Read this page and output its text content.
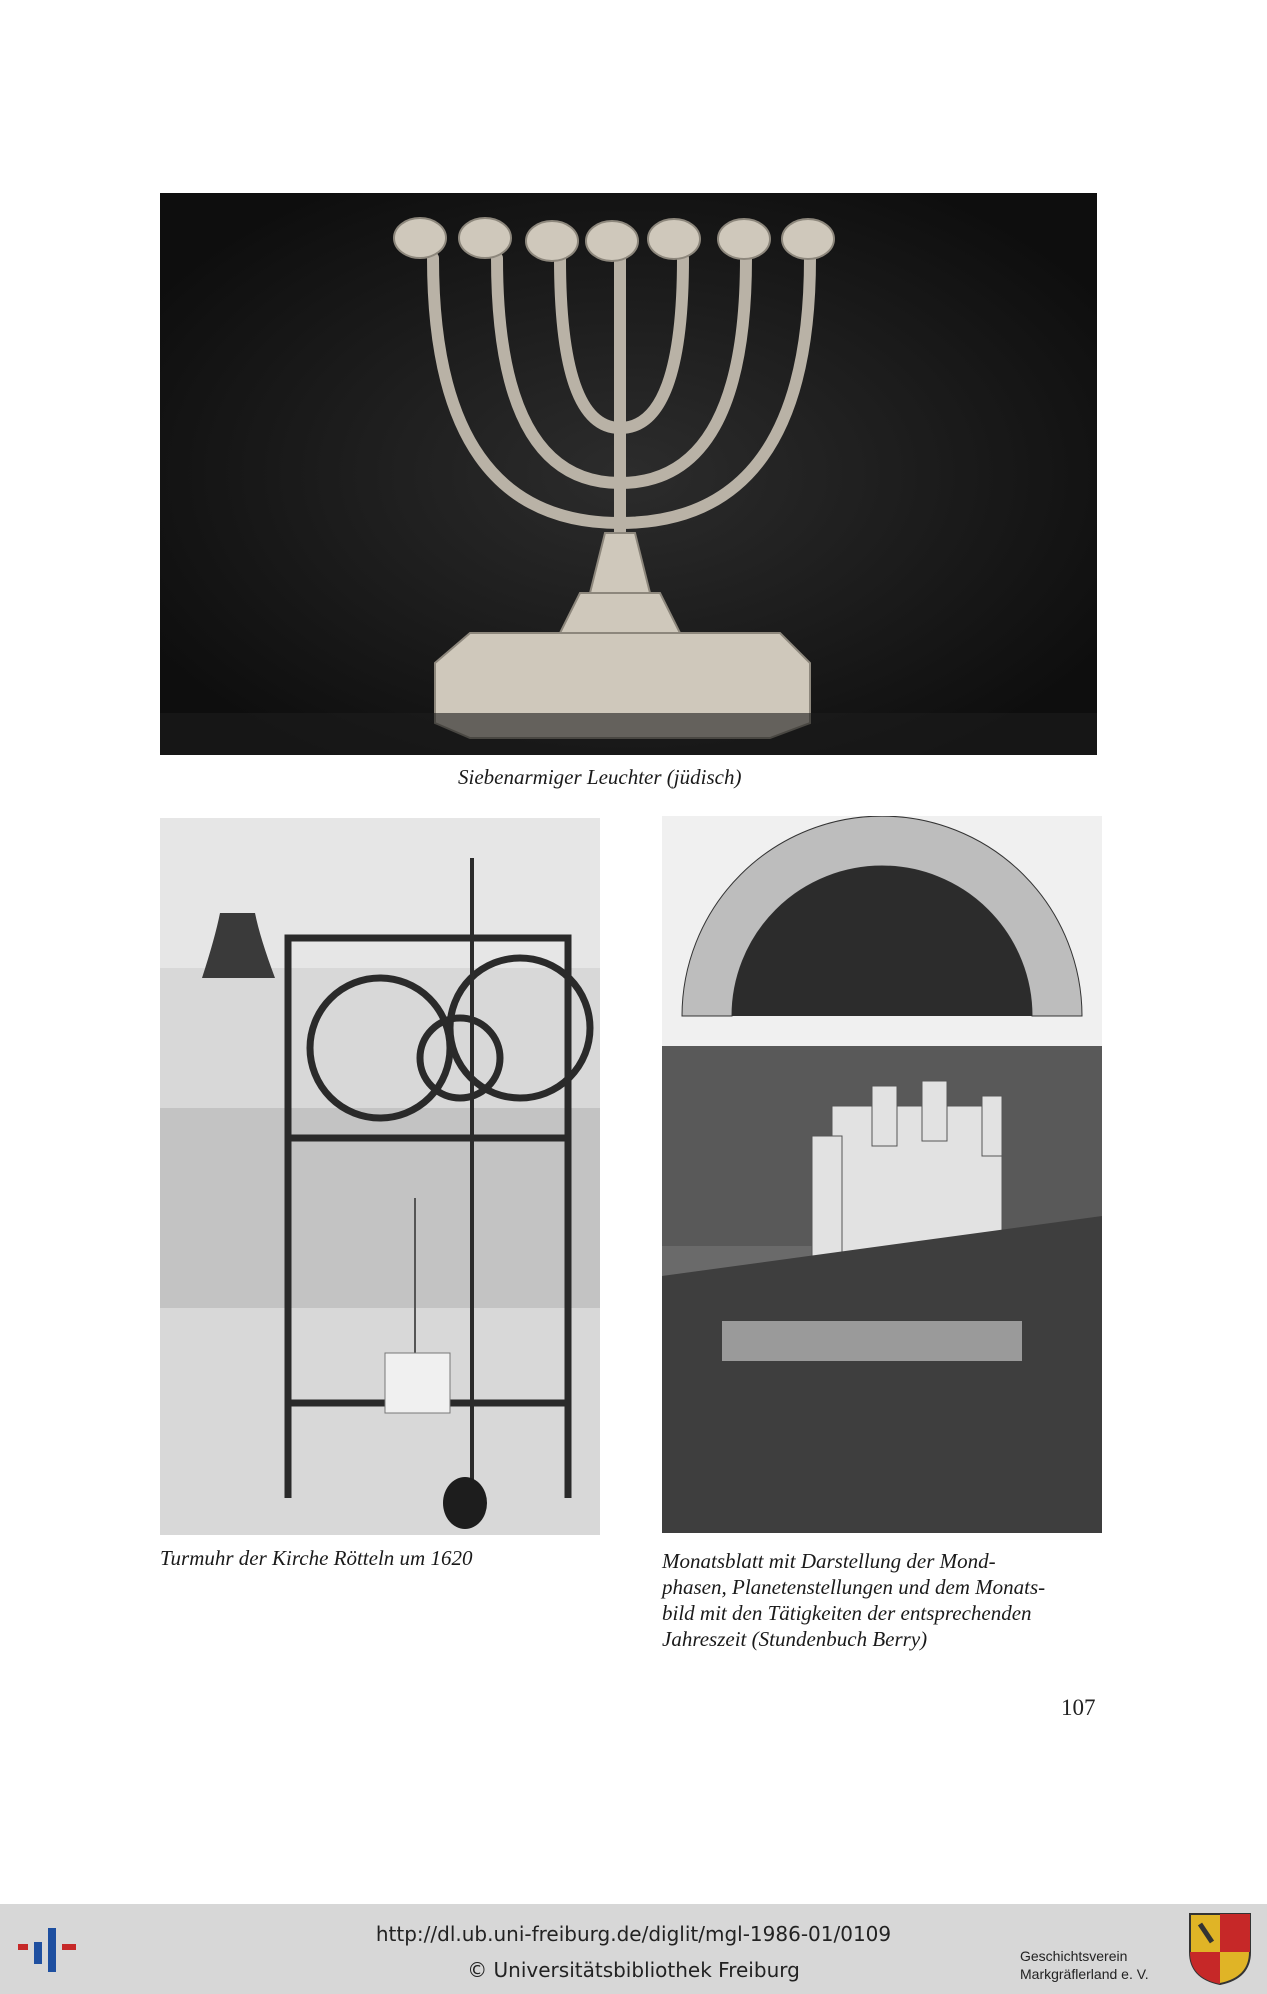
Siebenarmiger Leuchter (jüdisch)
Turmuhr der Kirche Rötteln um 1620	Monatsblatt mit Darstellung der Mond-
phasen, Planetenstellungen und dem Monats-
bild mit den Tätigkeiten der entsprechenden
Jahreszeit (Stundenbuch Berry)
107
http://dl.ub.uni-freiburg.de/diglit/mgl-1986-01/0109
© Universitätsbibliothek Freiburg
Geschichtsverein
Markgräflerland e. V.
